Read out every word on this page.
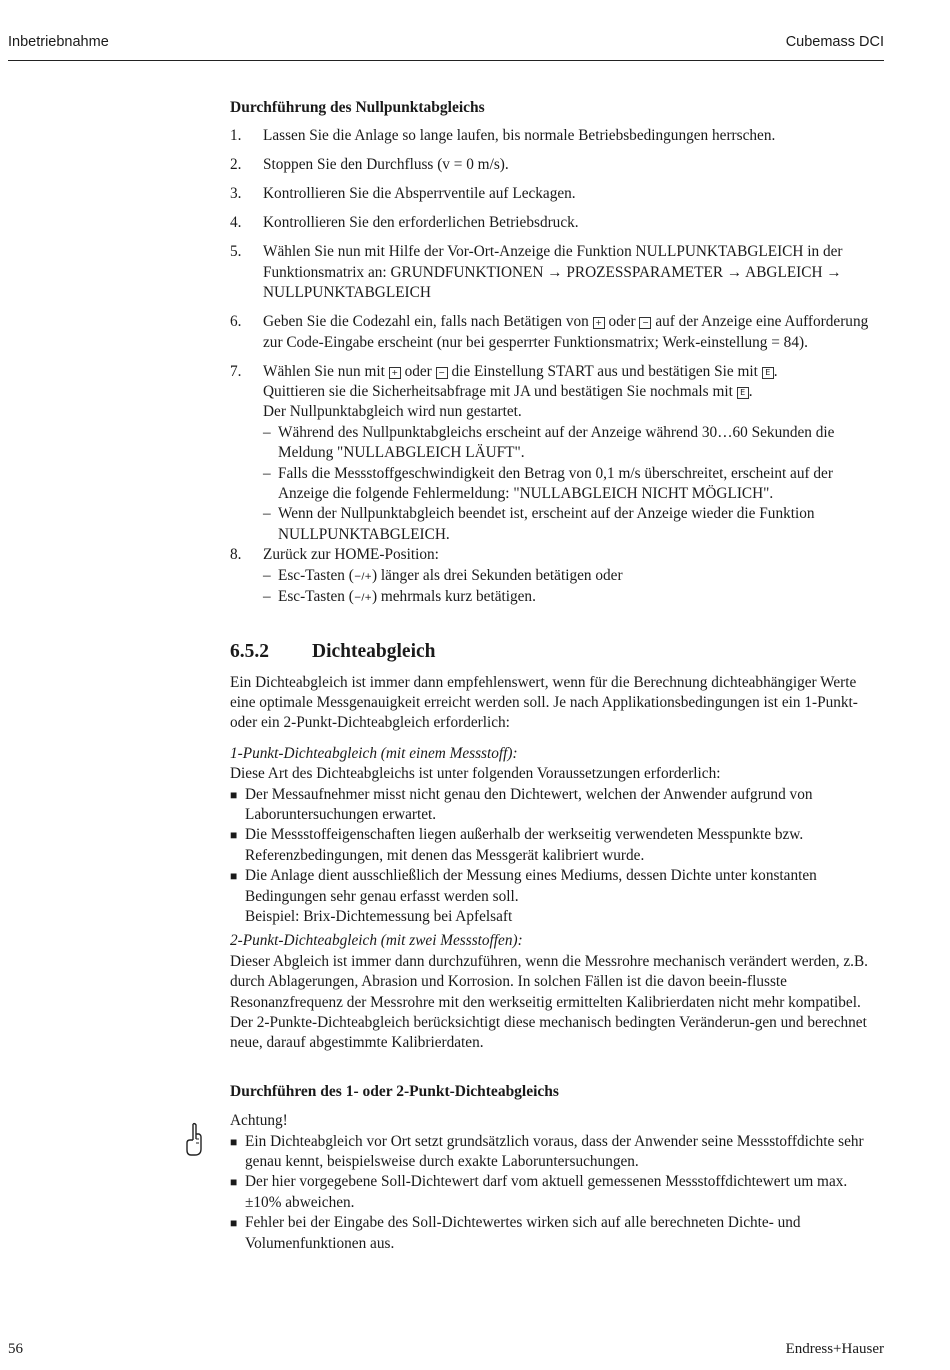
Inbetriebnahme	Cubemass DCI
Durchführung des Nullpunktabgleichs
1. Lassen Sie die Anlage so lange laufen, bis normale Betriebsbedingungen herrschen.
2. Stoppen Sie den Durchfluss (v = 0 m/s).
3. Kontrollieren Sie die Absperrventile auf Leckagen.
4. Kontrollieren Sie den erforderlichen Betriebsdruck.
5. Wählen Sie nun mit Hilfe der Vor-Ort-Anzeige die Funktion NULLPUNKTABGLEICH in der Funktionsmatrix an: GRUNDFUNKTIONEN → PROZESSPARAMETER → ABGLEICH → NULLPUNKTABGLEICH
6. Geben Sie die Codezahl ein, falls nach Betätigen von + oder − auf der Anzeige eine Aufforderung zur Code-Eingabe erscheint (nur bei gesperrter Funktionsmatrix; Werk-einstellung = 84).
7. Wählen Sie nun mit + oder − die Einstellung START aus und bestätigen Sie mit E .
Quittieren sie die Sicherheitsabfrage mit JA und bestätigen Sie nochmals mit E .
Der Nullpunktabgleich wird nun gestartet.
– Während des Nullpunktabgleichs erscheint auf der Anzeige während 30…60 Sekunden die Meldung "NULLABGLEICH LÄUFT".
– Falls die Messstoffgeschwindigkeit den Betrag von 0,1 m/s überschreitet, erscheint auf der Anzeige die folgende Fehlermeldung: "NULLABGLEICH NICHT MÖGLICH".
– Wenn der Nullpunktabgleich beendet ist, erscheint auf der Anzeige wieder die Funktion NULLPUNKTABGLEICH.
8. Zurück zur HOME-Position:
– Esc-Tasten (−/+) länger als drei Sekunden betätigen oder
– Esc-Tasten (−/+) mehrmals kurz betätigen.
6.5.2 Dichteabgleich

Ein Dichteabgleich ist immer dann empfehlenswert, wenn für die Berechnung dichteabhängiger Werte eine optimale Messgenauigkeit erreicht werden soll. Je nach Applikationsbedingungen ist ein 1-Punkt- oder ein 2-Punkt-Dichteabgleich erforderlich:

1-Punkt-Dichteabgleich (mit einem Messstoff):

Diese Art des Dichteabgleichs ist unter folgenden Voraussetzungen erforderlich:

■ Der Messaufnehmer misst nicht genau den Dichtewert, welchen der Anwender aufgrund von Laboruntersuchungen erwartet.
■ Die Messstoffeigenschaften liegen außerhalb der werkseitig verwendeten Messpunkte bzw. Referenzbedingungen, mit denen das Messgerät kalibriert wurde.
■ Die Anlage dient ausschließlich der Messung eines Mediums, dessen Dichte unter konstanten Bedingungen sehr genau erfasst werden soll.
Beispiel: Brix-Dichtemessung bei Apfelsaft

2-Punkt-Dichteabgleich (mit zwei Messstoffen):

Dieser Abgleich ist immer dann durchzuführen, wenn die Messrohre mechanisch verändert werden, z.B. durch Ablagerungen, Abrasion und Korrosion. In solchen Fällen ist die davon beein-flusste Resonanzfrequenz der Messrohre mit den werkseitig ermittelten Kalibrierdaten nicht mehr kompatibel. Der 2-Punkte-Dichteabgleich berücksichtigt diese mechanisch bedingten Veränderun-gen und berechnet neue, darauf abgestimmte Kalibrierdaten.

Durchführen des 1- oder 2-Punkt-Dichteabgleichs

Achtung!

■ Ein Dichteabgleich vor Ort setzt grundsätzlich voraus, dass der Anwender seine Messstoffdichte sehr genau kennt, beispielsweise durch exakte Laboruntersuchungen.
■ Der hier vorgegebene Soll-Dichtewert darf vom aktuell gemessenen Messstoffdichtewert um max. ±10% abweichen.
■ Fehler bei der Eingabe des Soll-Dichtewertes wirken sich auf alle berechneten Dichte- und Volumenfunktionen aus.
56	Endress+Hauser
